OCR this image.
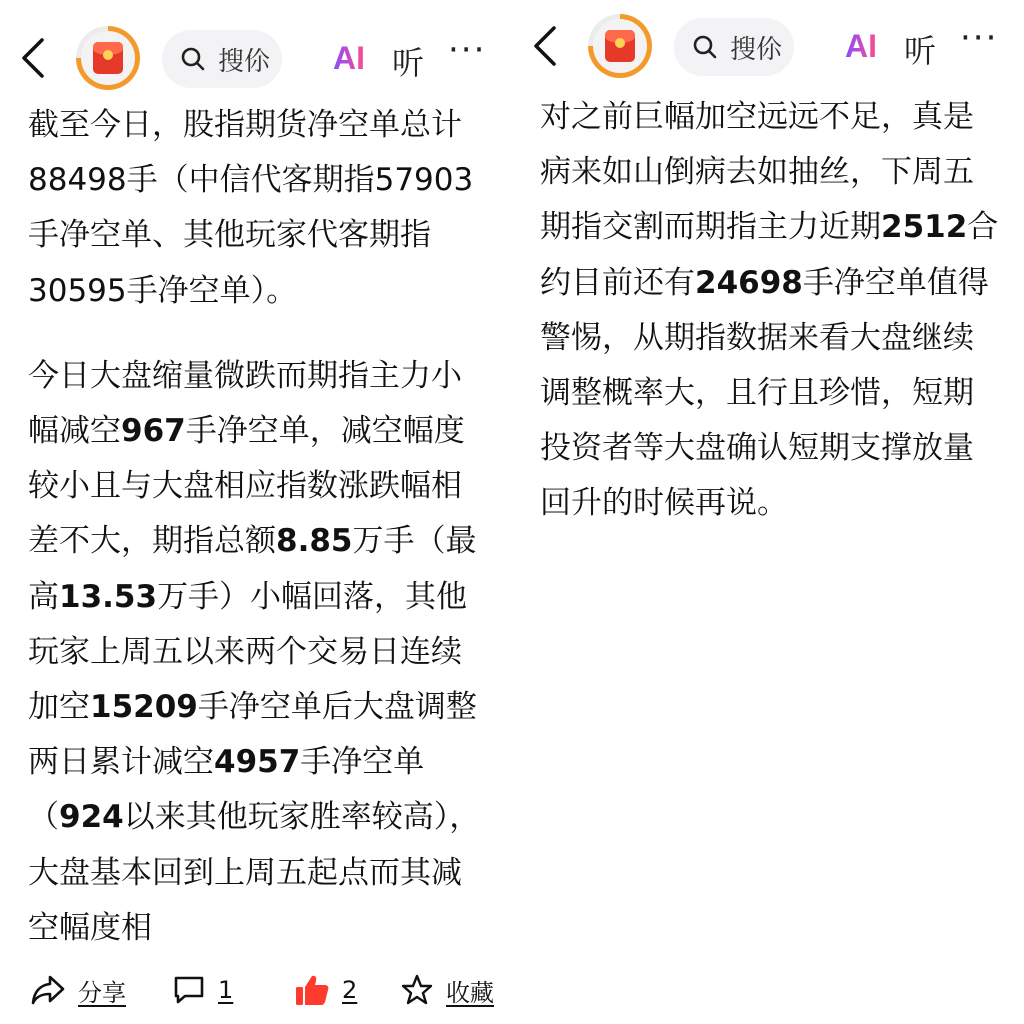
搜伱 AI 听 ···

截至今日，股指期货净空单总计88498手（中信代客期指57903手净空单、其他玩家代客期指30595手净空单）。

今日大盘缩量微跌而期指主力小幅减空967手净空单，减空幅度较小且与大盘相应指数涨跌幅相差不大，期指总额8.85万手（最高13.53万手）小幅回落，其他玩家上周五以来两个交易日连续加空15209手净空单后大盘调整两日累计减空4957手净空单（924以来其他玩家胜率较高），大盘基本回到上周五起点而其减空幅度相

分享	1	2	收藏
搜伱 AI 听 ···

对之前巨幅加空远远不足，真是病来如山倒病去如抽丝，下周五期指交割而期指主力近期2512合约目前还有24698手净空单值得警惕，从期指数据来看大盘继续调整概率大，且行且珍惜，短期投资者等大盘确认短期支撑放量回升的时候再说。
